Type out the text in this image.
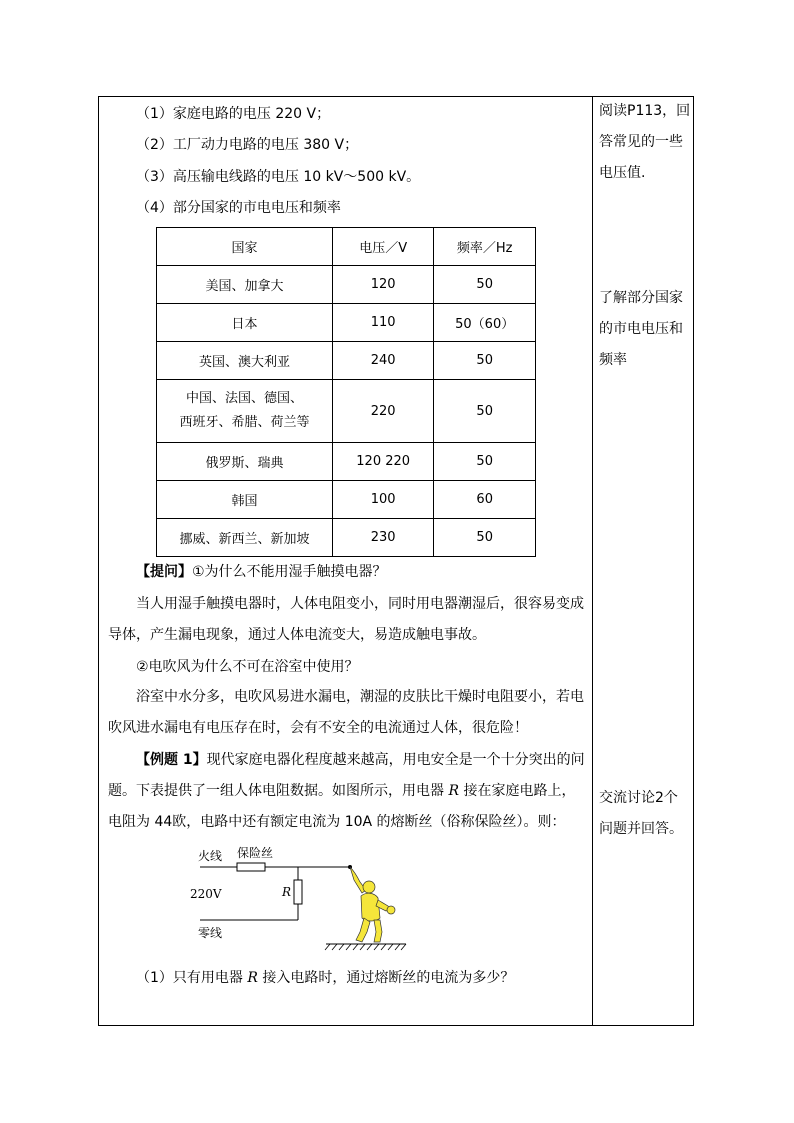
（1）家庭电路的电压 220 V；
（2）工厂动力电路的电压 380 V；
（3）高压输电线路的电压 10 kV～500 kV。
（4）部分国家的市电电压和频率
国家	电压／V	频率／Hz
美国、加拿大	120	50
日本	110	50（60）
英国、澳大利亚	240	50
中国、法国、德国、
西班牙、希腊、荷兰等	220	50
俄罗斯、瑞典	120 220	50
韩国	100	60
挪威、新西兰、新加坡	230	50
【提问】①为什么不能用湿手触摸电器？
当人用湿手触摸电器时，人体电阻变小，同时用电器潮湿后，很容易变成导体，产生漏电现象，通过人体电流变大，易造成触电事故。
②电吹风为什么不可在浴室中使用？
浴室中水分多，电吹风易进水漏电，潮湿的皮肤比干燥时电阻要小，若电吹风进水漏电有电压存在时，会有不安全的电流通过人体，很危险！
【例题 1】现代家庭电器化程度越来越高，用电安全是一个十分突出的问题。下表提供了一组人体电阻数据。如图所示，用电器 R 接在家庭电路上，电阻为 44欧，电路中还有额定电流为 10A 的熔断丝（俗称保险丝）。则：
火线 保险丝
220V	R
零线
（1）只有用电器 R 接入电路时，通过熔断丝的电流为多少？
阅读P113，回答常见的一些电压值.
了解部分国家的市电电压和频率
交流讨论2个问题并回答。
